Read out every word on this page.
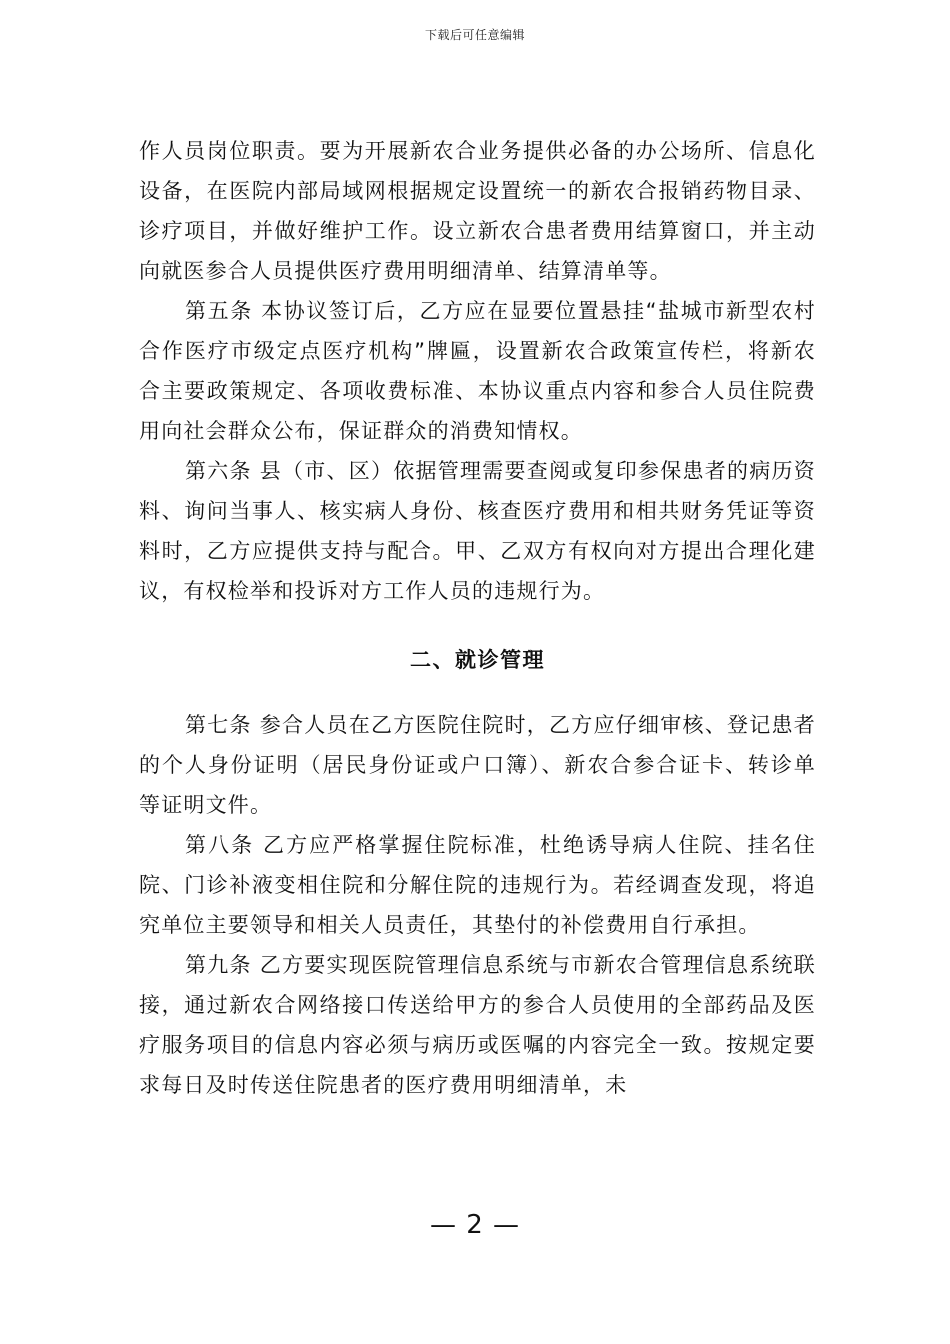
下载后可任意编辑

作人员岗位职责。要为开展新农合业务提供必备的办公场所、信息化设备，在医院内部局域网根据规定设置统一的新农合报销药物目录、诊疗项目，并做好维护工作。设立新农合患者费用结算窗口，并主动向就医参合人员提供医疗费用明细清单、结算清单等。

第五条 本协议签订后，乙方应在显要位置悬挂“盐城市新型农村合作医疗市级定点医疗机构”牌匾，设置新农合政策宣传栏，将新农合主要政策规定、各项收费标准、本协议重点内容和参合人员住院费用向社会群众公布，保证群众的消费知情权。

第六条 县（市、区）依据管理需要查阅或复印参保患者的病历资料、询问当事人、核实病人身份、核查医疗费用和相共财务凭证等资料时，乙方应提供支持与配合。甲、乙双方有权向对方提出合理化建议，有权检举和投诉对方工作人员的违规行为。

二、就诊管理

第七条 参合人员在乙方医院住院时，乙方应仔细审核、登记患者的个人身份证明（居民身份证或户口簿）、新农合参合证卡、转诊单等证明文件。

第八条 乙方应严格掌握住院标准，杜绝诱导病人住院、挂名住院、门诊补液变相住院和分解住院的违规行为。若经调查发现，将追究单位主要领导和相关人员责任，其垫付的补偿费用自行承担。

第九条 乙方要实现医院管理信息系统与市新农合管理信息系统联接，通过新农合网络接口传送给甲方的参合人员使用的全部药品及医疗服务项目的信息内容必须与病历或医嘱的内容完全一致。按规定要求每日及时传送住院患者的医疗费用明细清单，未

— 2 —
